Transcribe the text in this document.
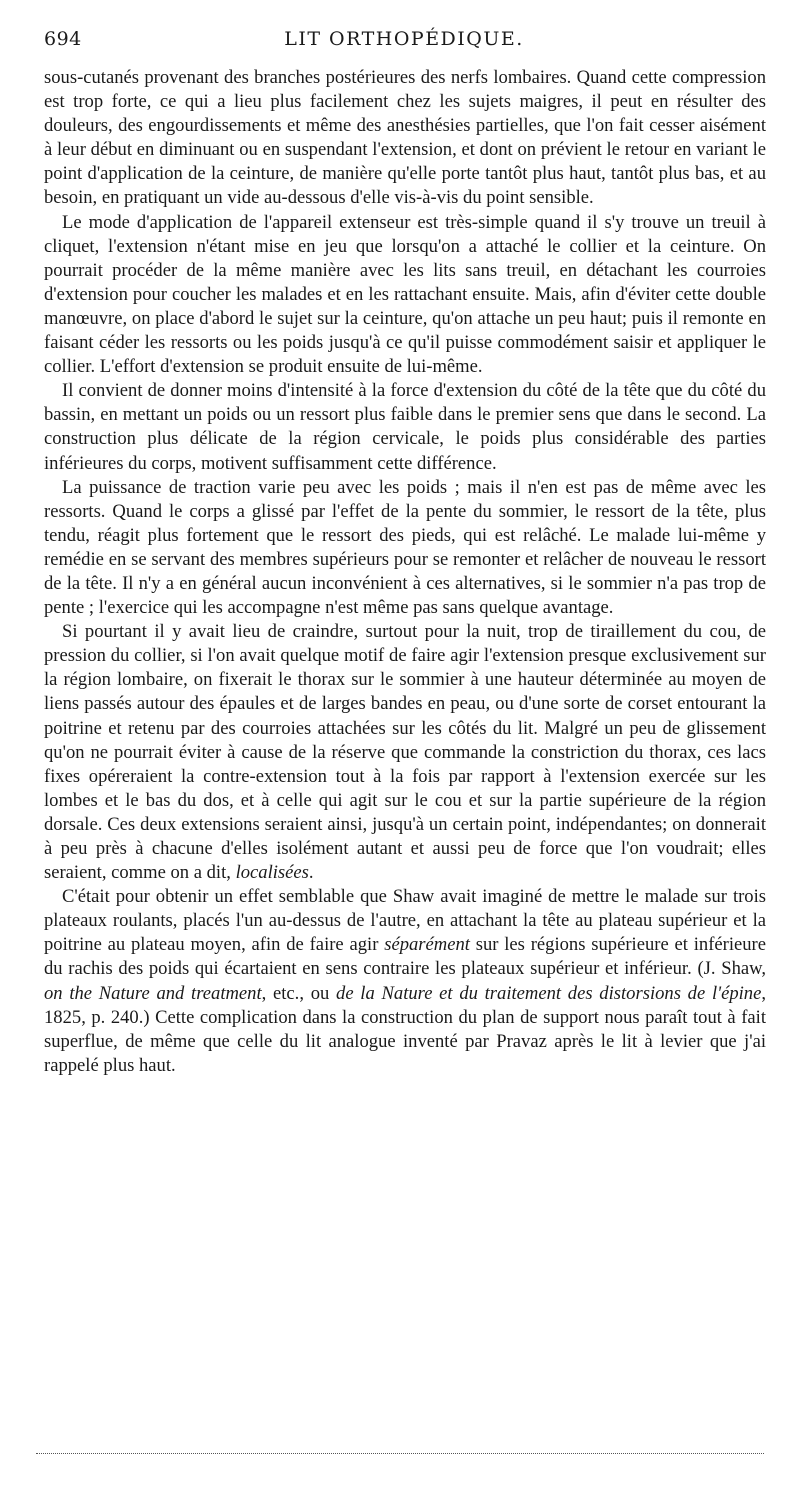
694	LIT ORTHOPÉDIQUE.

sous-cutanés provenant des branches postérieures des nerfs lombaires. Quand cette compression est trop forte, ce qui a lieu plus facilement chez les sujets maigres, il peut en résulter des douleurs, des engourdissements et même des anesthésies partielles, que l'on fait cesser aisément à leur début en diminuant ou en suspendant l'extension, et dont on prévient le retour en variant le point d'application de la ceinture, de manière qu'elle porte tantôt plus haut, tantôt plus bas, et au besoin, en pratiquant un vide au-dessous d'elle vis-à-vis du point sensible.

Le mode d'application de l'appareil extenseur est très-simple quand il s'y trouve un treuil à cliquet, l'extension n'étant mise en jeu que lorsqu'on a attaché le collier et la ceinture. On pourrait procéder de la même manière avec les lits sans treuil, en détachant les courroies d'extension pour coucher les malades et en les rattachant ensuite. Mais, afin d'éviter cette double manœuvre, on place d'abord le sujet sur la ceinture, qu'on attache un peu haut; puis il remonte en faisant céder les ressorts ou les poids jusqu'à ce qu'il puisse commodément saisir et appliquer le collier. L'effort d'extension se produit ensuite de lui-même.

Il convient de donner moins d'intensité à la force d'extension du côté de la tête que du côté du bassin, en mettant un poids ou un ressort plus faible dans le premier sens que dans le second. La construction plus délicate de la région cervicale, le poids plus considérable des parties inférieures du corps, motivent suffisamment cette différence.

La puissance de traction varie peu avec les poids ; mais il n'en est pas de même avec les ressorts. Quand le corps a glissé par l'effet de la pente du sommier, le ressort de la tête, plus tendu, réagit plus fortement que le ressort des pieds, qui est relâché. Le malade lui-même y remédie en se servant des membres supérieurs pour se remonter et relâcher de nouveau le ressort de la tête. Il n'y a en général aucun inconvénient à ces alternatives, si le sommier n'a pas trop de pente ; l'exercice qui les accompagne n'est même pas sans quelque avantage.

Si pourtant il y avait lieu de craindre, surtout pour la nuit, trop de tiraillement du cou, de pression du collier, si l'on avait quelque motif de faire agir l'extension presque exclusivement sur la région lombaire, on fixerait le thorax sur le sommier à une hauteur déterminée au moyen de liens passés autour des épaules et de larges bandes en peau, ou d'une sorte de corset entourant la poitrine et retenu par des courroies attachées sur les côtés du lit. Malgré un peu de glissement qu'on ne pourrait éviter à cause de la réserve que commande la constriction du thorax, ces lacs fixes opéreraient la contre-extension tout à la fois par rapport à l'extension exercée sur les lombes et le bas du dos, et à celle qui agit sur le cou et sur la partie supérieure de la région dorsale. Ces deux extensions seraient ainsi, jusqu'à un certain point, indépendantes; on donnerait à peu près à chacune d'elles isolément autant et aussi peu de force que l'on voudrait; elles seraient, comme on a dit, localisées.

C'était pour obtenir un effet semblable que Shaw avait imaginé de mettre le malade sur trois plateaux roulants, placés l'un au-dessus de l'autre, en attachant la tête au plateau supérieur et la poitrine au plateau moyen, afin de faire agir séparément sur les régions supérieure et inférieure du rachis des poids qui écartaient en sens contraire les plateaux supérieur et inférieur. (J. Shaw, on the Nature and treatment, etc., ou de la Nature et du traitement des distorsions de l'épine, 1825, p. 240.) Cette complication dans la construction du plan de support nous paraît tout à fait superflue, de même que celle du lit analogue inventé par Pravaz après le lit à levier que j'ai rappelé plus haut.
